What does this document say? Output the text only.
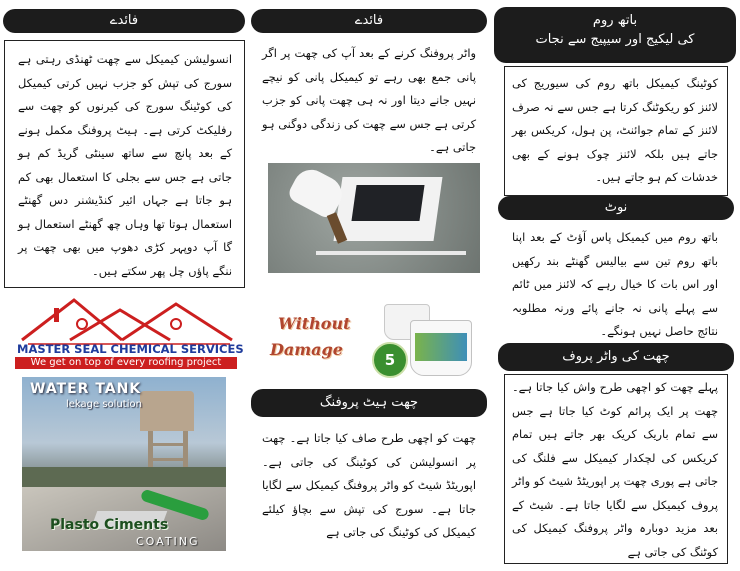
فائدے
انسولیشن کیمیکل سے چھت ٹھنڈی رہتی ہے سورج کی تپش کو جزب نہیں کرتی کیمیکل کی کوٹینگ سورج کی کیرنوں کو چھت سے رفلیکٹ کرتی ہے۔ ہیٹ پروفنگ مکمل ہونے کے بعد پانچ سے ساتھ سینٹی گریڈ کم ہو جاتی ہے جس سے بجلی کا استعمال بھی کم ہو جاتا ہے جہاں ائیر کنڈیشنر دس گھنٹے استعمال ہوتا تھا وہاں چھ گھنٹے استعمال ہو گا آپ دوپہر کڑی دھوپ میں بھی چھت پر ننگے پاؤں چل پھر سکتے ہیں۔
MASTER SEAL CHEMICAL SERVICES
We get on top of every roofing project
WATER TANK
lekage solution
Plasto Ciments
COATING
فائدے
واٹر پروفنگ کرنے کے بعد آپ کی چھت پر اگر پانی جمع بھی رہے تو کیمیکل پانی کو نیچے نہیں جانے دیتا اور نہ ہی چھت پانی کو جزب کرتی ہے جس سے چھت کی زندگی دوگنی ہو جاتی ہے۔
Without
Damage
5
چھت ہیٹ پروفنگ
چھت کو اچھی طرح صاف کیا جاتا ہے۔ چھت پر انسولیشن کی کوٹینگ کی جاتی ہے۔ اپوریٹڈ شیٹ کو واٹر پروفنگ کیمیکل سے لگایا جاتا ہے۔ سورج کی تپش سے بچاؤ کیلئے کیمیکل کی کوٹینگ کی جاتی ہے
باتھ روم
کی لیکیج اور سیپیج سے نجات
کوٹینگ کیمیکل باتھ روم کی سیوریج کی لائنز کو ریکوٹنگ کرتا ہے جس سے نہ صرف لائنز کے تمام جوائنٹ، پن ہول، کریکس بھر جاتے ہیں بلکہ لائنز چوک ہونے کے بھی خدشات کم ہو جاتے ہیں۔
نوٹ
باتھ روم میں کیمیکل پاس آؤٹ کے بعد اپنا باتھ روم تین سے بیالیس گھنٹے بند رکھیں اور اس بات کا خیال رہے کہ لائنز میں ٹائم سے پہلے پانی نہ جانے پائے ورنہ مطلوبہ نتائج حاصل نہیں ہونگے۔
چھت کی واٹر پروف
پہلے چھت کو اچھی طرح واش کیا جاتا ہے۔ چھت پر ایک پرائم کوٹ کیا جاتا ہے جس سے تمام باریک کریک بھر جاتے ہیں تمام کریکس کی لچکدار کیمیکل سے فلنگ کی جاتی ہے پوری چھت پر اپوریٹڈ شیٹ کو واٹر پروف کیمیکل سے لگایا جاتا ہے۔ شیٹ کے بعد مزید دوبارہ واٹر پروفنگ کیمیکل کی کوٹنگ کی جاتی ہے
